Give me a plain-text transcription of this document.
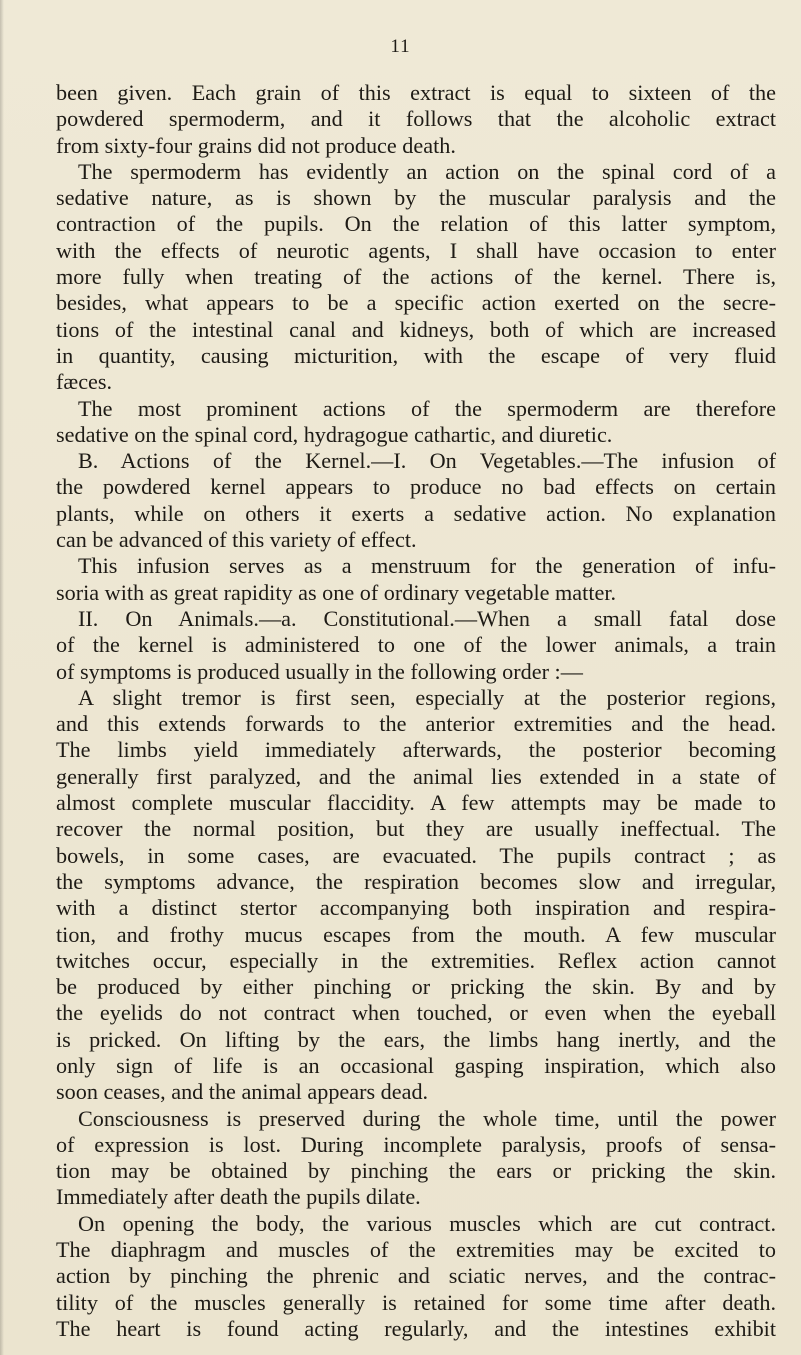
11
been given. Each grain of this extract is equal to sixteen of the
powdered spermoderm, and it follows that the alcoholic extract
from sixty-four grains did not produce death.
The spermoderm has evidently an action on the spinal cord of a
sedative nature, as is shown by the muscular paralysis and the
contraction of the pupils. On the relation of this latter symptom,
with the effects of neurotic agents, I shall have occasion to enter
more fully when treating of the actions of the kernel. There is,
besides, what appears to be a specific action exerted on the secre-
tions of the intestinal canal and kidneys, both of which are increased
in quantity, causing micturition, with the escape of very fluid
fæces.
The most prominent actions of the spermoderm are therefore
sedative on the spinal cord, hydragogue cathartic, and diuretic.
B. Actions of the Kernel.—I. On Vegetables.—The infusion of
the powdered kernel appears to produce no bad effects on certain
plants, while on others it exerts a sedative action. No explanation
can be advanced of this variety of effect.
This infusion serves as a menstruum for the generation of infu-
soria with as great rapidity as one of ordinary vegetable matter.
II. On Animals.—a. Constitutional.—When a small fatal dose
of the kernel is administered to one of the lower animals, a train
of symptoms is produced usually in the following order :—
A slight tremor is first seen, especially at the posterior regions,
and this extends forwards to the anterior extremities and the head.
The limbs yield immediately afterwards, the posterior becoming
generally first paralyzed, and the animal lies extended in a state of
almost complete muscular flaccidity. A few attempts may be made to
recover the normal position, but they are usually ineffectual. The
bowels, in some cases, are evacuated. The pupils contract ; as
the symptoms advance, the respiration becomes slow and irregular,
with a distinct stertor accompanying both inspiration and respira-
tion, and frothy mucus escapes from the mouth. A few muscular
twitches occur, especially in the extremities. Reflex action cannot
be produced by either pinching or pricking the skin. By and by
the eyelids do not contract when touched, or even when the eyeball
is pricked. On lifting by the ears, the limbs hang inertly, and the
only sign of life is an occasional gasping inspiration, which also
soon ceases, and the animal appears dead.
Consciousness is preserved during the whole time, until the power
of expression is lost. During incomplete paralysis, proofs of sensa-
tion may be obtained by pinching the ears or pricking the skin.
Immediately after death the pupils dilate.
On opening the body, the various muscles which are cut contract.
The diaphragm and muscles of the extremities may be excited to
action by pinching the phrenic and sciatic nerves, and the contrac-
tility of the muscles generally is retained for some time after death.
The heart is found acting regularly, and the intestines exhibit
